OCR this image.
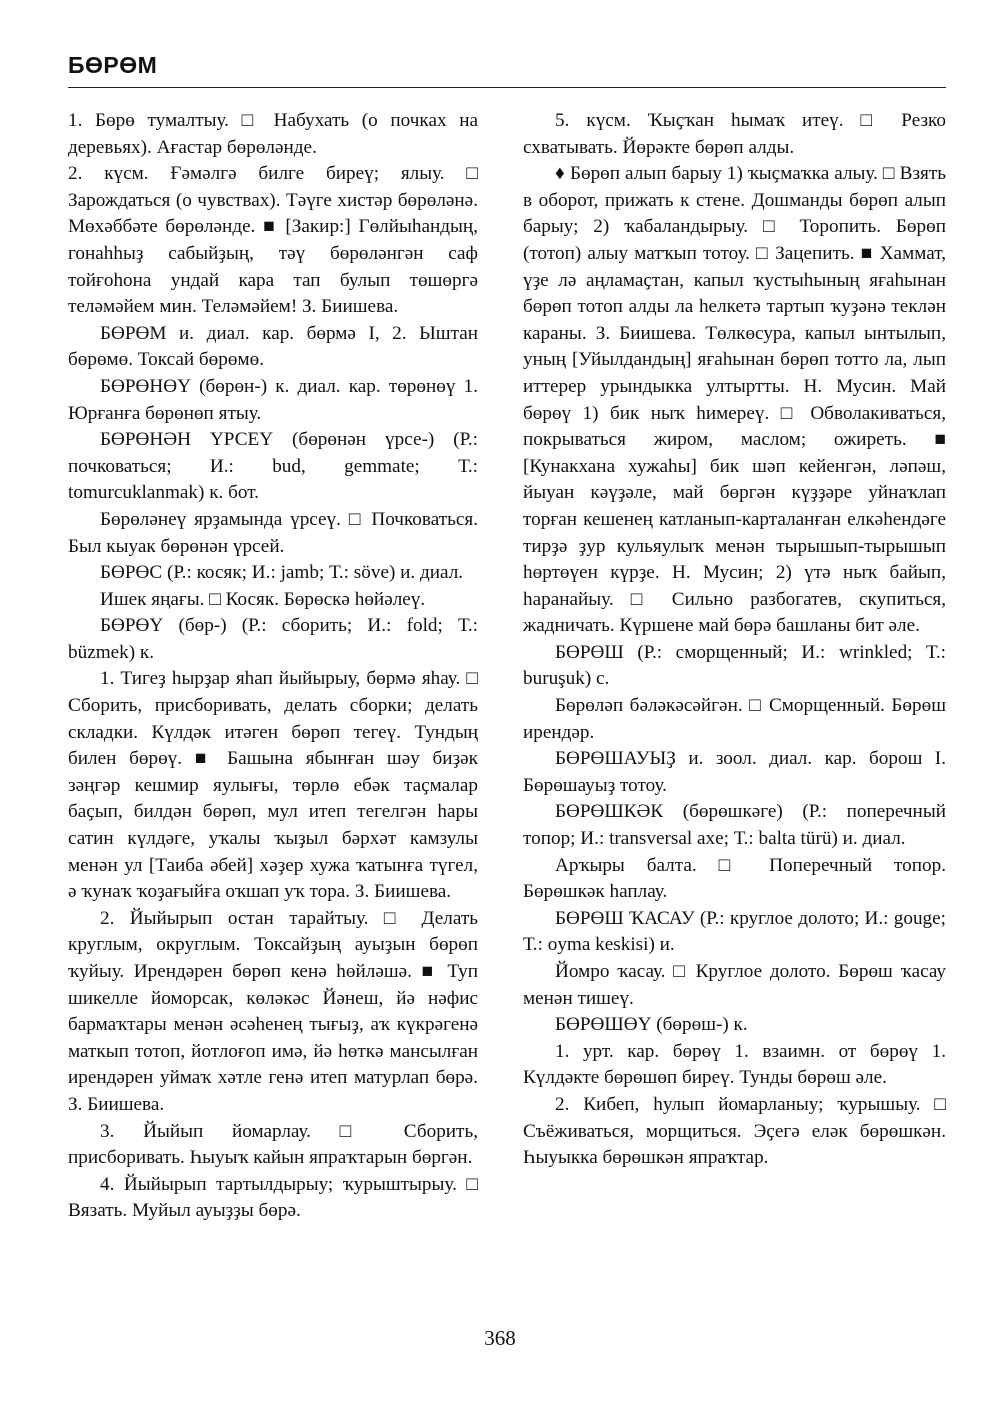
БӨРӨМ

1. Бөрө тумалтыу. □ Набухать (о почках на деревьях). Ағастар бөрөләнде.

2. күсм. Ғәмәлгә билге биреү; ялыу. □ Зарождаться (о чувствах). Тәүге хистәр бөрөләнә. Мөхәббәте бөрөләнде. ■ [Закир:] Гөлйыһандың, гонаһһыҙ сабыйҙың, тәү бөрөләнгән саф тойғоһона ундай кара тап булып төшөргә теләмәйем мин. Теләмәйем! З. Биишева.

БӨРӨМ и. диал. кар. бөрмә I, 2. Ыштан бөрөмө. Токсай бөрөмө.

БӨРӨНӨҮ (бөрөн-) к. диал. кар. төрөнөү 1. Юрғанға бөрөнөп ятыу.

БӨРӨНӘН ҮРСЕҮ (бөрөнән үрсе-) (Р.: почковаться; И.: bud, gemmate; Т.: tomurcuklanmak) к. бот.

Бөрөләнеү ярҙамында үрсеү. □ Почковаться. Был кыуак бөрөнән үрсей.

БӨРӨС (Р.: косяк; И.: jamb; Т.: söve) и. диал.

Ишек яңағы. □ Косяк. Бөрөскә һөйәлеү.

БӨРӨҮ (бөр-) (Р.: сборить; И.: fold; Т.: büzmek) к.

1. Тигеҙ һырҙар яһап йыйырыу, бөрмә яһау. □ Сборить, присборивать, делать сборки; делать складки. Күлдәк итәген бөрөп тегеү. Тундың билен бөрөү. ■ Башына ябынған шәу биҙәк зәңгәр кешмир яулығы, төрлө ебәк таҫмалар баҫып, билдән бөрөп, мул итеп тегелгән һары сатин күлдәге, уҡалы ҡыҙыл бәрхәт камзулы менән ул [Таиба әбей] хәҙер хужа ҡатынға түгел, ә ҡунаҡ ҡоҙағыйға оҡшап уҡ тора. З. Биишева.

2. Йыйырып остан тарайтыу. □ Делать круглым, округлым. Токсайҙың ауыҙын бөрөп ҡуйыу. Ирендәрен бөрөп кенә һөйләшә. ■ Туп шикелле йоморсак, көләкәс Йәнеш, йә нәфис бармаҡтары менән әсәһенең тығыҙ, аҡ күкрәгенә маткып тотоп, йотлоғоп имә, йә һөткә мансылған ирендәрен уймаҡ хәтле генә итеп матурлап бөрә. З. Биишева.

3. Йыйып йомарлау. □ Сборить, присборивать. Һыуыҡ кайын япраҡтарын бөргән.

4. Йыйырып тартылдырыу; ҡурыштырыу. □ Вязать. Муйыл ауыҙҙы бөрә.

5. күсм. Ҡыҫҡан һымаҡ итеү. □ Резко схватывать. Йөрәкте бөрөп алды.

♦ Бөрөп алып барыу 1) ҡыҫмаҡка алыу. □ Взять в оборот, прижать к стене. Дошманды бөрөп алып барыу; 2) ҡабаландырыу. □ Торопить. Бөрөп (тотоп) алыу матҡып тотоу. □ Зацепить. ■ Хаммат, үҙе лә аңламаҫтан, капыл ҡустыһының яғаһынан бөрөп тотоп алды ла һелкетә тартып ҡуҙәнә теклән караны. З. Биишева. Төлкөсура, капыл ынтылып, уның [Уйылдандың] яғаһынан бөрөп тотто ла, лып иттерер урындыкка ултыртты. Н. Мусин. Май бөрөү 1) бик ныҡ һимереү. □ Обволакиваться, покрываться жиром, маслом; ожиреть. ■ [Кунакхана хужаһы] бик шәп кейенгән, ләпәш, йыуан кәүҙәле, май бөргән күҙҙәре уйнаҡлап торған кешенең катланып-карталанған елкәһендәге тирҙә ҙур кульяулыҡ менән тырышып-тырышып һөртөүен күрҙе. Н. Мусин; 2) үтә ныҡ байып, һаранайыу. □ Сильно разбогатев, скупиться, жадничать. Күршене май бөрә башланы бит әле.

БӨРӨШ (Р.: сморщенный; И.: wrinkled; Т.: buruşuk) с.

Бөрөләп бәләкәсәйгән. □ Сморщенный. Бөрөш ирендәр.

БӨРӨШАУЫҘ и. зоол. диал. кар. борош I. Бөрөшауыҙ тотоу.

БӨРӨШКӘК (бөрөшкәге) (Р.: поперечный топор; И.: transversal axe; Т.: balta türü) и. диал.

Арҡыры балта. □ Поперечный топор. Бөрөшкәк һаплау.

БӨРӨШ ҠАСАУ (Р.: круглое долото; И.: gouge; Т.: oyma keskisi) и.

Йомро ҡасау. □ Круглое долото. Бөрөш ҡасау менән тишеү.

БӨРӨШӨҮ (бөрөш-) к.

1. урт. кар. бөрөү 1. взаимн. от бөрөү 1. Күлдәкте бөрөшөп биреү. Тунды бөрөш әле.

2. Кибеп, һулып йомарланыу; ҡурышыу. □ Съёживаться, морщиться. Эҫегә еләк бөрөшкән. Һыуыкка бөрөшкән япраҡтар.

368
